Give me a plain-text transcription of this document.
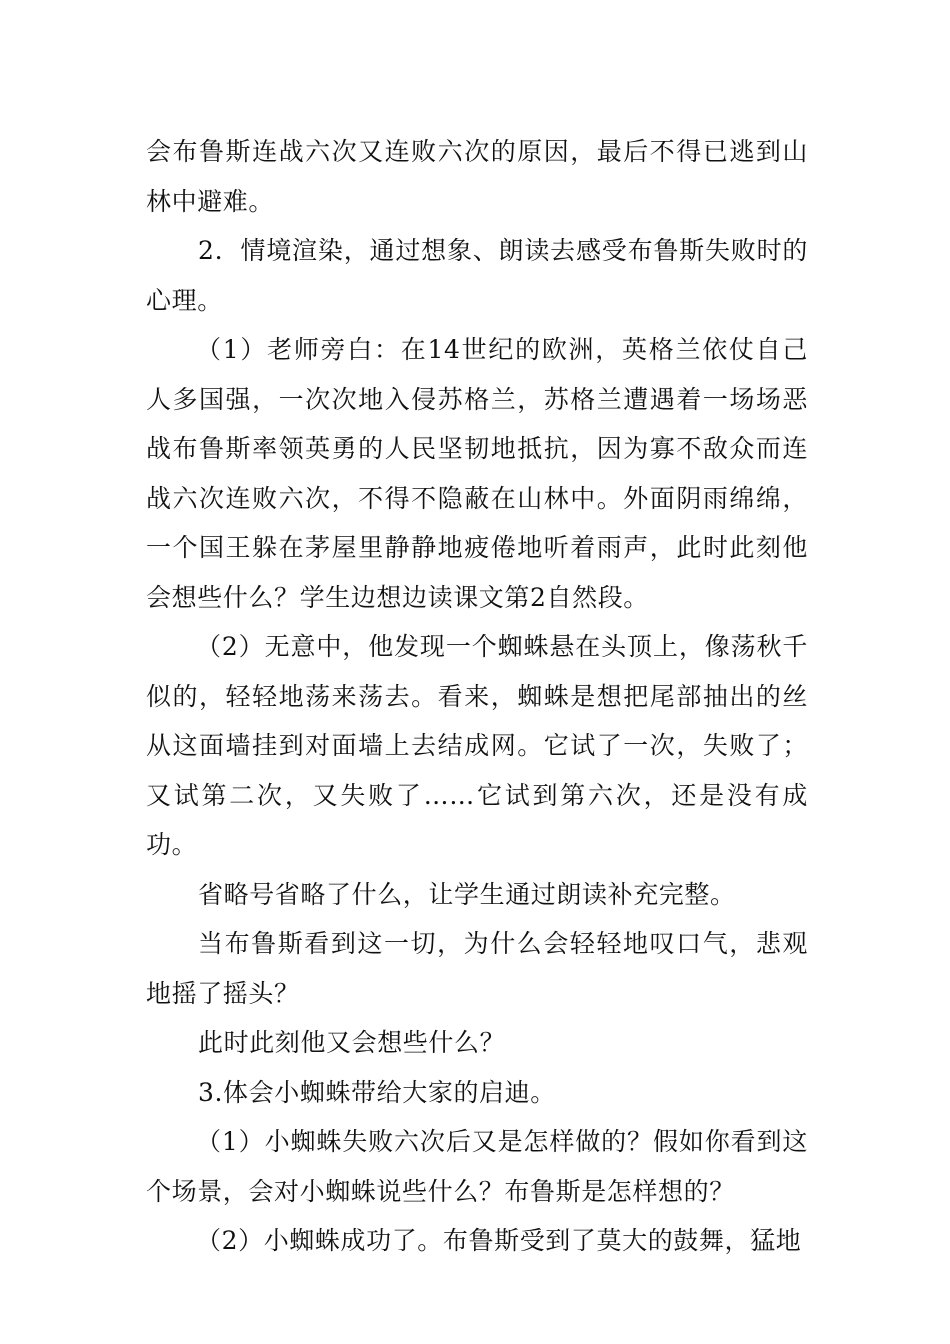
会布鲁斯连战六次又连败六次的原因，最后不得已逃到山林中避难。

2．情境渲染，通过想象、朗读去感受布鲁斯失败时的心理。

（1）老师旁白：在14世纪的欧洲，英格兰依仗自己人多国强，一次次地入侵苏格兰，苏格兰遭遇着一场场恶战布鲁斯率领英勇的人民坚韧地抵抗，因为寡不敌众而连战六次连败六次，不得不隐蔽在山林中。外面阴雨绵绵，一个国王躲在茅屋里静静地疲倦地听着雨声，此时此刻他会想些什么？学生边想边读课文第2自然段。

（2）无意中，他发现一个蜘蛛悬在头顶上，像荡秋千似的，轻轻地荡来荡去。看来，蜘蛛是想把尾部抽出的丝从这面墙挂到对面墙上去结成网。它试了一次，失败了；又试第二次，又失败了……它试到第六次，还是没有成功。

省略号省略了什么，让学生通过朗读补充完整。

当布鲁斯看到这一切，为什么会轻轻地叹口气，悲观地摇了摇头？

此时此刻他又会想些什么？

3.体会小蜘蛛带给大家的启迪。

（1）小蜘蛛失败六次后又是怎样做的？假如你看到这个场景，会对小蜘蛛说些什么？布鲁斯是怎样想的？

（2）小蜘蛛成功了。布鲁斯受到了莫大的鼓舞，猛地
